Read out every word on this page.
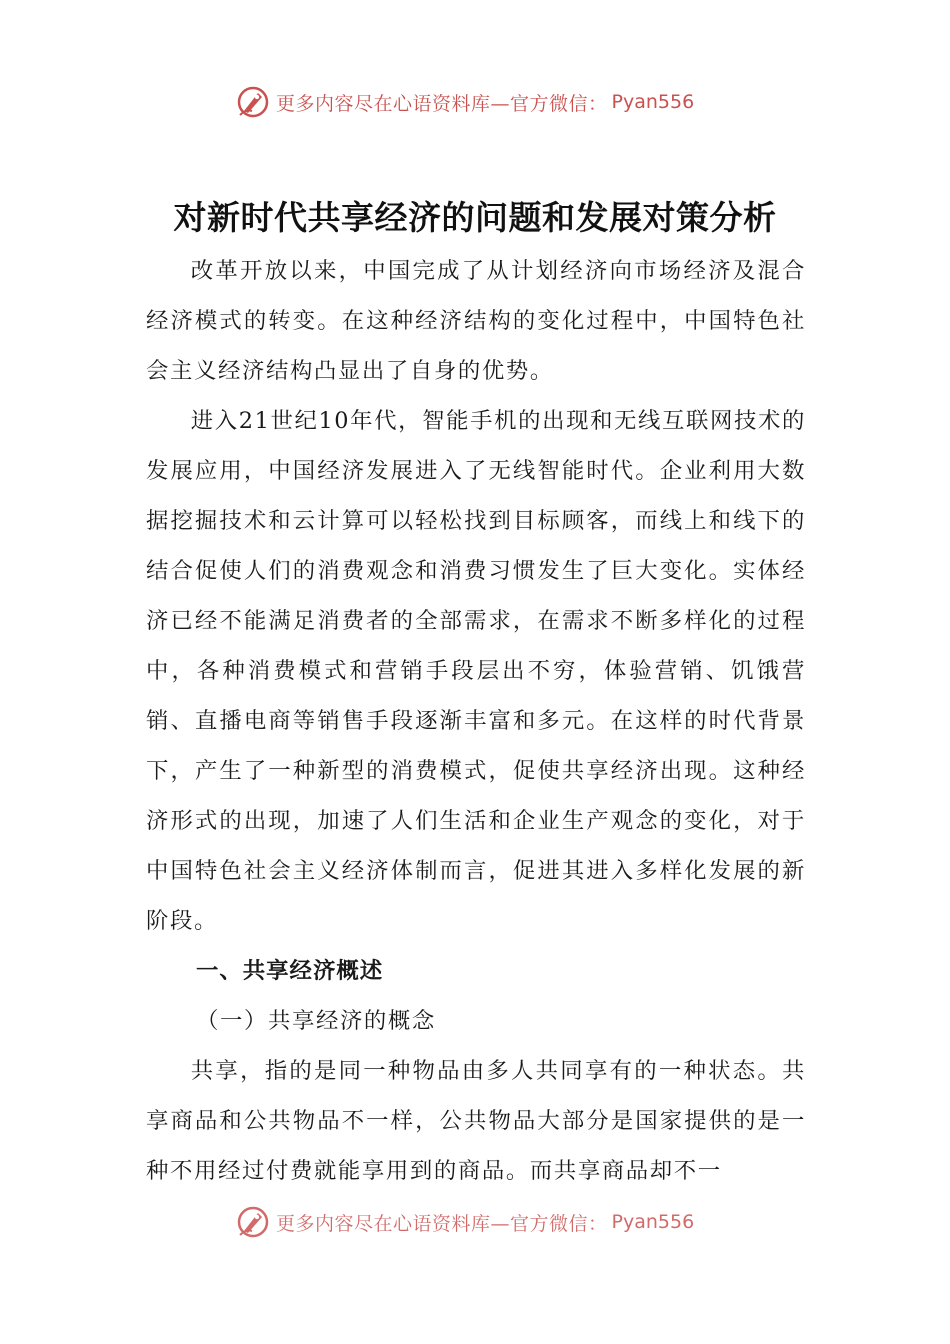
更多内容尽在心语资料库—官方微信： Pyan556
对新时代共享经济的问题和发展对策分析

改革开放以来，中国完成了从计划经济向市场经济及混合经济模式的转变。在这种经济结构的变化过程中，中国特色社会主义经济结构凸显出了自身的优势。

进入21世纪10年代，智能手机的出现和无线互联网技术的发展应用，中国经济发展进入了无线智能时代。企业利用大数据挖掘技术和云计算可以轻松找到目标顾客，而线上和线下的结合促使人们的消费观念和消费习惯发生了巨大变化。实体经济已经不能满足消费者的全部需求，在需求不断多样化的过程中，各种消费模式和营销手段层出不穷，体验营销、饥饿营销、直播电商等销售手段逐渐丰富和多元。在这样的时代背景下，产生了一种新型的消费模式，促使共享经济出现。这种经济形式的出现，加速了人们生活和企业生产观念的变化，对于中国特色社会主义经济体制而言，促进其进入多样化发展的新阶段。

一、共享经济概述

（一）共享经济的概念

共享，指的是同一种物品由多人共同享有的一种状态。共享商品和公共物品不一样，公共物品大部分是国家提供的是一种不用经过付费就能享用到的商品。而共享商品却不一

更多内容尽在心语资料库—官方微信： Pyan556
